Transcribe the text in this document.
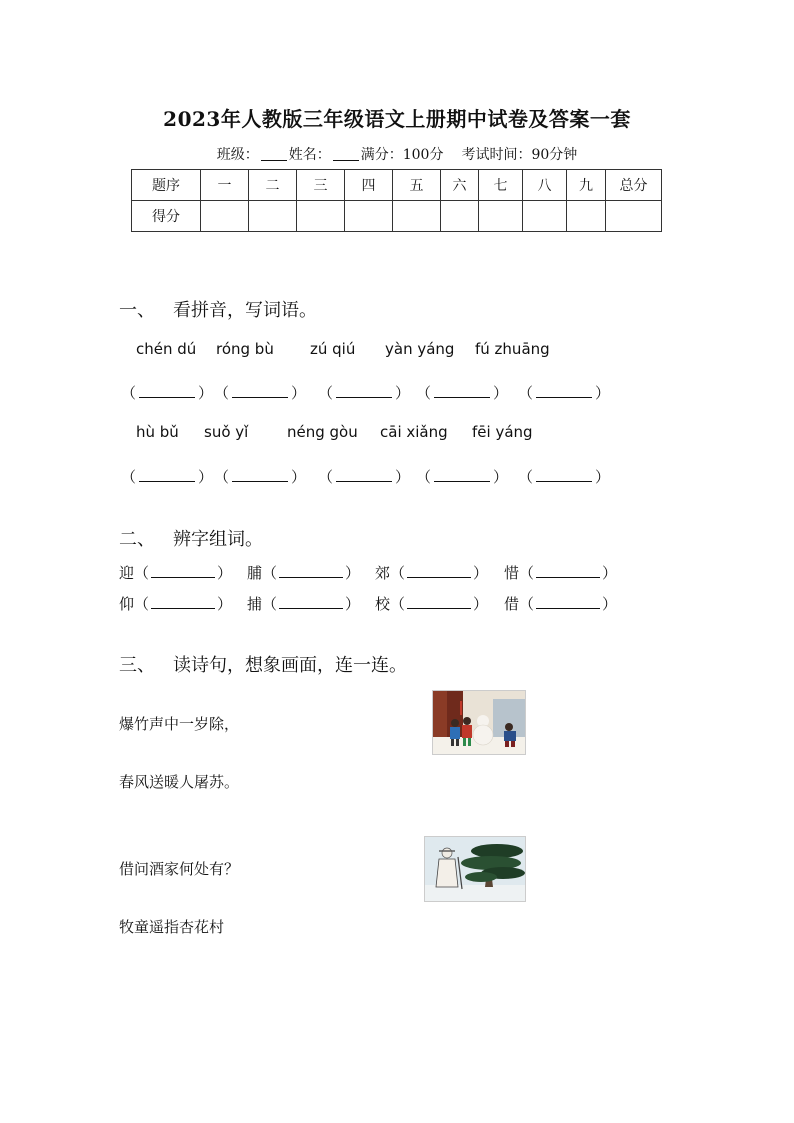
2023年人教版三年级语文上册期中试卷及答案一套
班级： 姓名： 满分：100分 考试时间：90分钟
题序	一	二	三	四	五	六	七	八	九	总分
得分										
一、 看拼音，写词语。
chén dú róng bù zú qiú yàn yáng fú zhuāng
（	） （	） （	） （	） （	）
hù bǔ suǒ yǐ	néng gòu cāi xiǎng fēi yáng
（	） （	） （	） （	） （	）
二、 辨字组词。
迎（	） 脯（	） 郊（	） 惜（	）
仰（	） 捕（	） 校（	） 借（	）
三、 读诗句，想象画面，连一连。
爆竹声中一岁除，
春风送暖人屠苏。
借问酒家何处有？
牧童遥指杏花村
